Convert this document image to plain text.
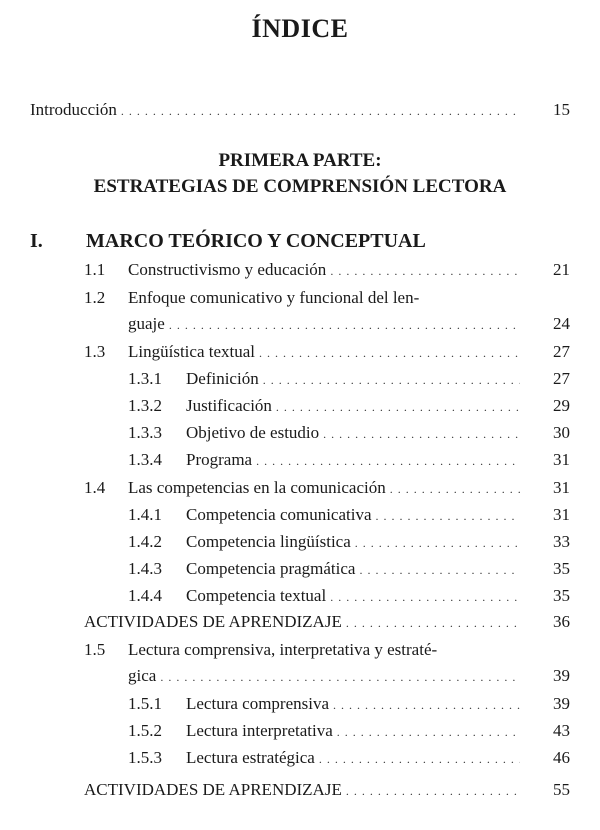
ÍNDICE
Introducción . . .	15
PRIMERA PARTE:
ESTRATEGIAS DE COMPRENSIÓN LECTORA
I. MARCO TEÓRICO Y CONCEPTUAL
1.1	Constructivismo y educación . . .	21
1.2 Enfoque comunicativo y funcional del len-
guaje . . .	24
1.3	Lingüística textual . . .	27
1.3.1	Definición . . .	27
1.3.2	Justificación . . .	29
1.3.3	Objetivo de estudio . . .	30
1.3.4	Programa . . .	31
1.4	Las competencias en la comunicación . . .	31
1.4.1	Competencia comunicativa . . .	31
1.4.2	Competencia lingüística . . .	33
1.4.3	Competencia pragmática . . .	35
1.4.4	Competencia textual . . .	35
ACTIVIDADES DE APRENDIZAJE . . .	36
1.5 Lectura comprensiva, interpretativa y estraté-
gica . . .	39
1.5.1	Lectura comprensiva . . .	39
1.5.2	Lectura interpretativa . . .	43
1.5.3	Lectura estratégica . . .	46
ACTIVIDADES DE APRENDIZAJE . . .	55
